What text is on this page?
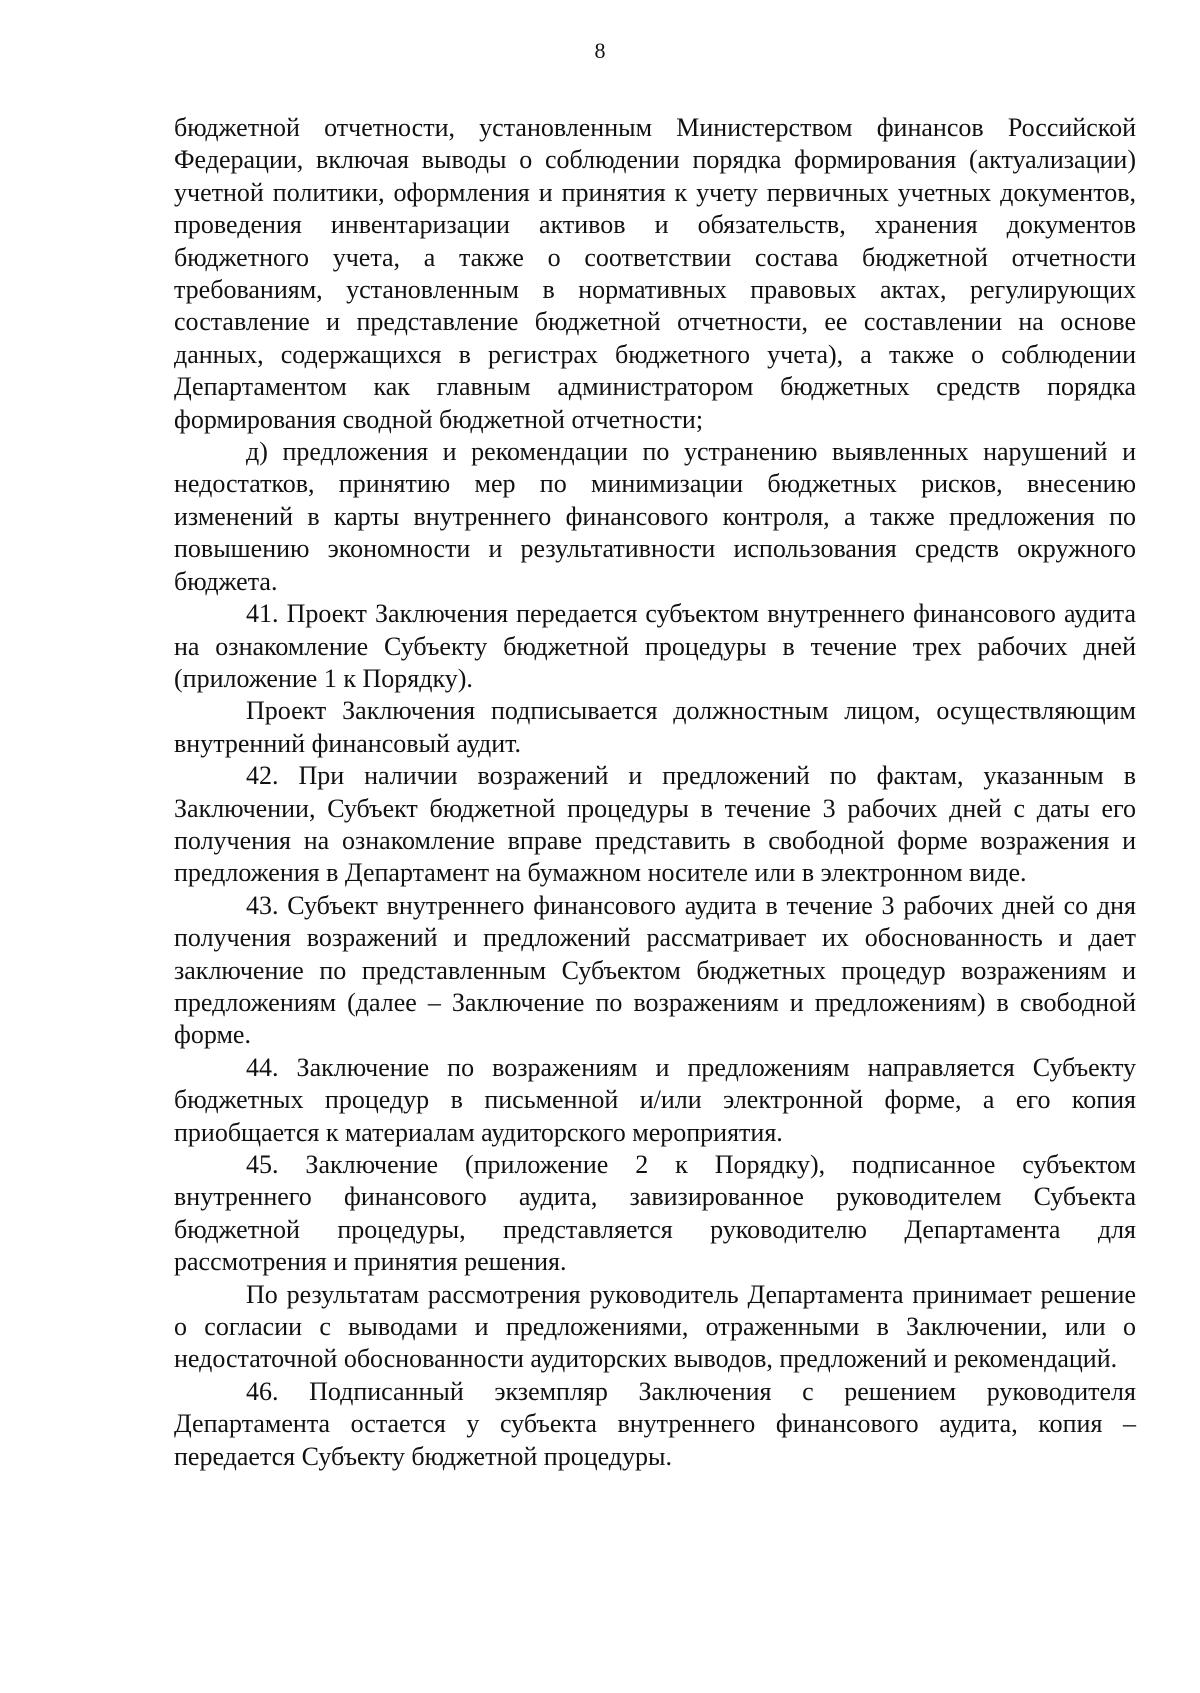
8

бюджетной отчетности, установленным Министерством финансов Российской Федерации, включая выводы о соблюдении порядка формирования (актуализации) учетной политики, оформления и принятия к учету первичных учетных документов, проведения инвентаризации активов и обязательств, хранения документов бюджетного учета, а также о соответствии состава бюджетной отчетности требованиям, установленным в нормативных правовых актах, регулирующих составление и представление бюджетной отчетности, ее составлении на основе данных, содержащихся в регистрах бюджетного учета), а также о соблюдении Департаментом как главным администратором бюджетных средств порядка формирования сводной бюджетной отчетности;

д) предложения и рекомендации по устранению выявленных нарушений и недостатков, принятию мер по минимизации бюджетных рисков, внесению изменений в карты внутреннего финансового контроля, а также предложения по повышению экономности и результативности использования средств окружного бюджета.

41. Проект Заключения передается субъектом внутреннего финансового аудита на ознакомление Субъекту бюджетной процедуры в течение трех рабочих дней (приложение 1 к Порядку).

Проект Заключения подписывается должностным лицом, осуществляющим внутренний финансовый аудит.

42. При наличии возражений и предложений по фактам, указанным в Заключении, Субъект бюджетной процедуры в течение 3 рабочих дней с даты его получения на ознакомление вправе представить в свободной форме возражения и предложения в Департамент на бумажном носителе или в электронном виде.

43. Субъект внутреннего финансового аудита в течение 3 рабочих дней со дня получения возражений и предложений рассматривает их обоснованность и дает заключение по представленным Субъектом бюджетных процедур возражениям и предложениям (далее – Заключение по возражениям и предложениям) в свободной форме.

44. Заключение по возражениям и предложениям направляется Субъекту бюджетных процедур в письменной и/или электронной форме, а его копия приобщается к материалам аудиторского мероприятия.

45. Заключение (приложение 2 к Порядку), подписанное субъектом внутреннего финансового аудита, завизированное руководителем Субъекта бюджетной процедуры, представляется руководителю Департамента для рассмотрения и принятия решения.

По результатам рассмотрения руководитель Департамента принимает решение о согласии с выводами и предложениями, отраженными в Заключении, или о недостаточной обоснованности аудиторских выводов, предложений и рекомендаций.

46. Подписанный экземпляр Заключения с решением руководителя Департамента остается у субъекта внутреннего финансового аудита, копия – передается Субъекту бюджетной процедуры.
